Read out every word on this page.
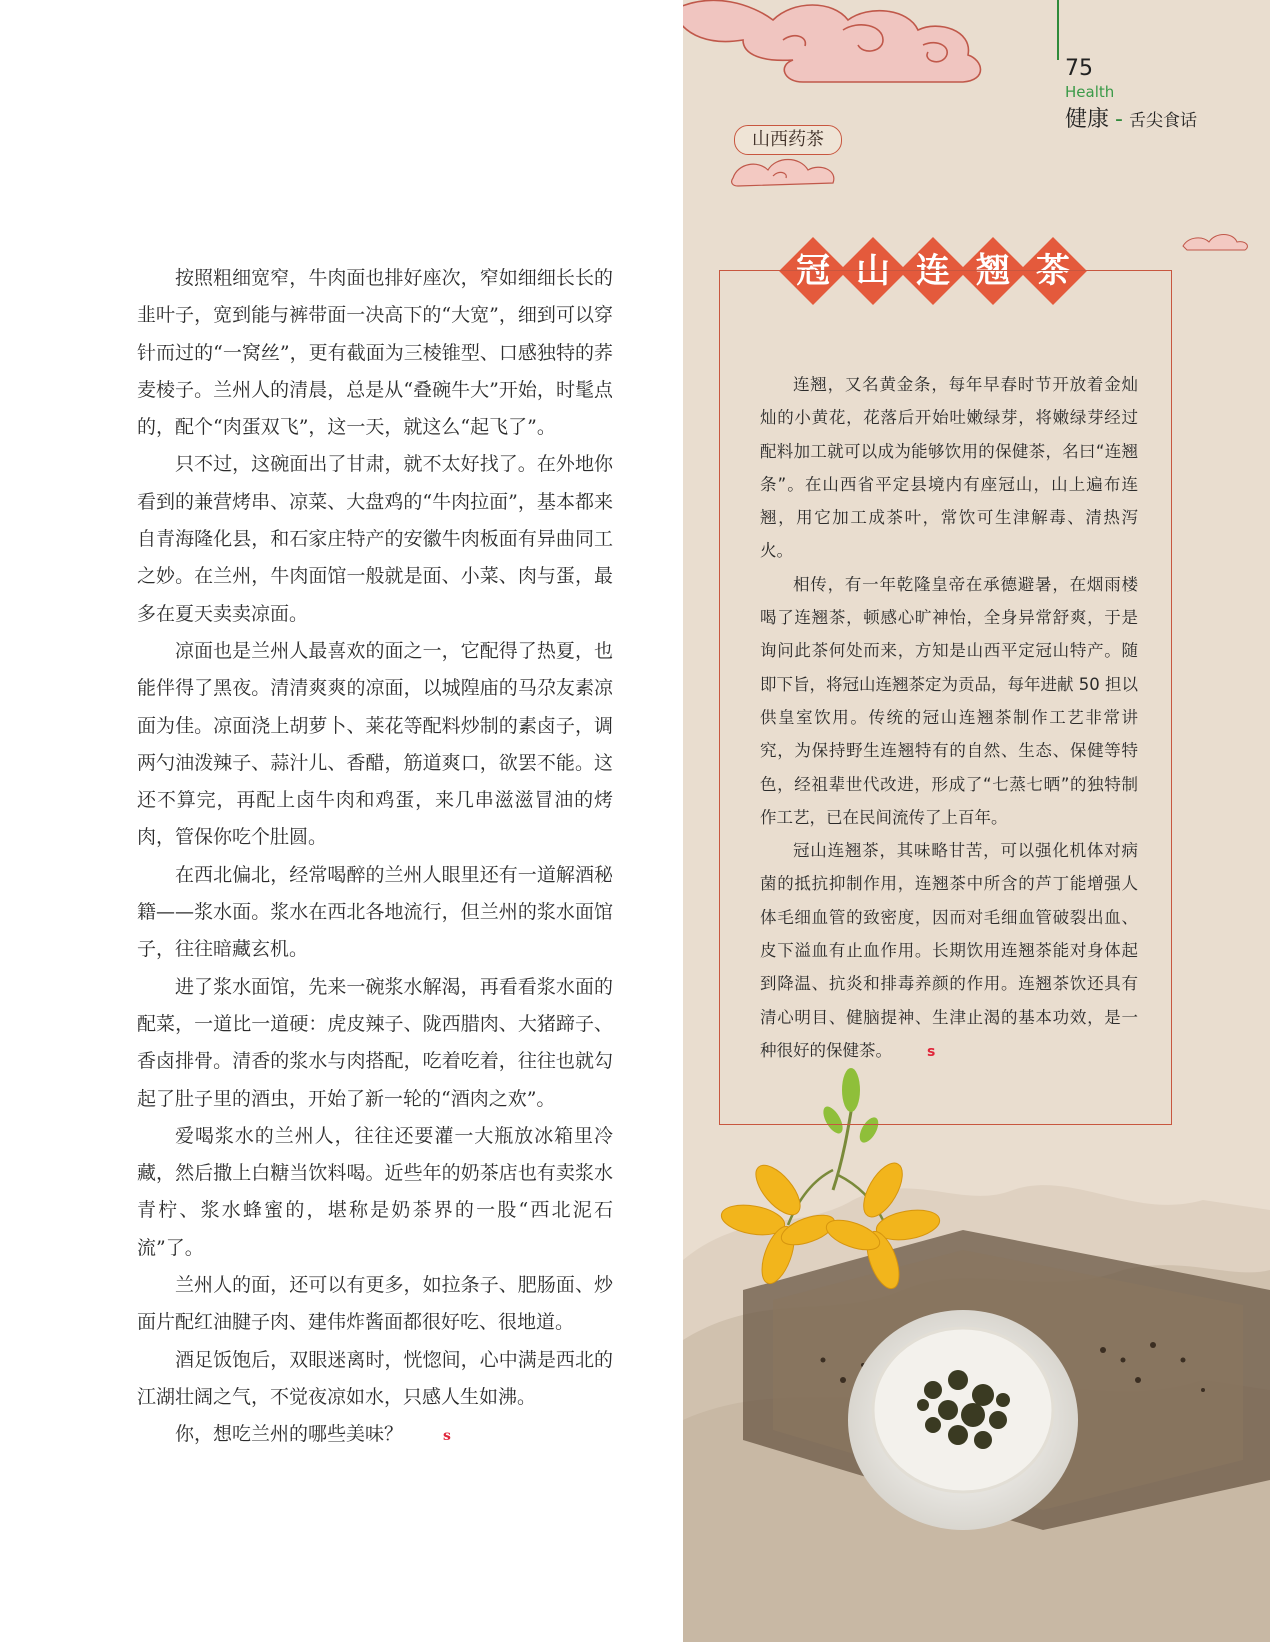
按照粗细宽窄，牛肉面也排好座次，窄如细细长长的韭叶子，宽到能与裤带面一决高下的“大宽”，细到可以穿针而过的“一窝丝”，更有截面为三棱锥型、口感独特的荞麦棱子。兰州人的清晨，总是从“叠碗牛大”开始，时髦点的，配个“肉蛋双飞”，这一天，就这么“起飞了”。

只不过，这碗面出了甘肃，就不太好找了。在外地你看到的兼营烤串、凉菜、大盘鸡的“牛肉拉面”，基本都来自青海隆化县，和石家庄特产的安徽牛肉板面有异曲同工之妙。在兰州，牛肉面馆一般就是面、小菜、肉与蛋，最多在夏天卖卖凉面。

凉面也是兰州人最喜欢的面之一，它配得了热夏，也能伴得了黑夜。清清爽爽的凉面，以城隍庙的马尕友素凉面为佳。凉面浇上胡萝卜、莱花等配料炒制的素卤子，调两勺油泼辣子、蒜汁儿、香醋，筋道爽口，欲罢不能。这还不算完，再配上卤牛肉和鸡蛋，来几串滋滋冒油的烤肉，管保你吃个肚圆。

在西北偏北，经常喝醉的兰州人眼里还有一道解酒秘籍——浆水面。浆水在西北各地流行，但兰州的浆水面馆子，往往暗藏玄机。

进了浆水面馆，先来一碗浆水解渴，再看看浆水面的配菜，一道比一道硬：虎皮辣子、陇西腊肉、大猪蹄子、香卤排骨。清香的浆水与肉搭配，吃着吃着，往往也就勾起了肚子里的酒虫，开始了新一轮的“酒肉之欢”。

爱喝浆水的兰州人，往往还要灌一大瓶放冰箱里冷藏，然后撒上白糖当饮料喝。近些年的奶茶店也有卖浆水青柠、浆水蜂蜜的，堪称是奶茶界的一股“西北泥石流”了。

兰州人的面，还可以有更多，如拉条子、肥肠面、炒面片配红油腱子肉、建伟炸酱面都很好吃、很地道。

酒足饭饱后，双眼迷离时，恍惚间，心中满是西北的江湖壮阔之气，不觉夜凉如水，只感人生如沸。

你，想吃兰州的哪些美味？	s

75
Health
健康 - 舌尖食话
山西药茶
冠 山 连 翘 茶

连翘，又名黄金条，每年早春时节开放着金灿灿的小黄花，花落后开始吐嫩绿芽，将嫩绿芽经过配料加工就可以成为能够饮用的保健茶，名曰“连翘条”。在山西省平定县境内有座冠山，山上遍布连翘，用它加工成茶叶，常饮可生津解毒、清热泻火。

相传，有一年乾隆皇帝在承德避暑，在烟雨楼喝了连翘茶，顿感心旷神怡，全身异常舒爽，于是询问此茶何处而来，方知是山西平定冠山特产。随即下旨，将冠山连翘茶定为贡品，每年进献 50 担以供皇室饮用。传统的冠山连翘茶制作工艺非常讲究，为保持野生连翘特有的自然、生态、保健等特色，经祖辈世代改进，形成了“七蒸七晒”的独特制作工艺，已在民间流传了上百年。

冠山连翘茶，其味略甘苦，可以强化机体对病菌的抵抗抑制作用，连翘茶中所含的芦丁能增强人体毛细血管的致密度，因而对毛细血管破裂出血、皮下溢血有止血作用。长期饮用连翘茶能对身体起到降温、抗炎和排毒养颜的作用。连翘茶饮还具有清心明目、健脑提神、生津止渴的基本功效，是一种很好的保健茶。	s
